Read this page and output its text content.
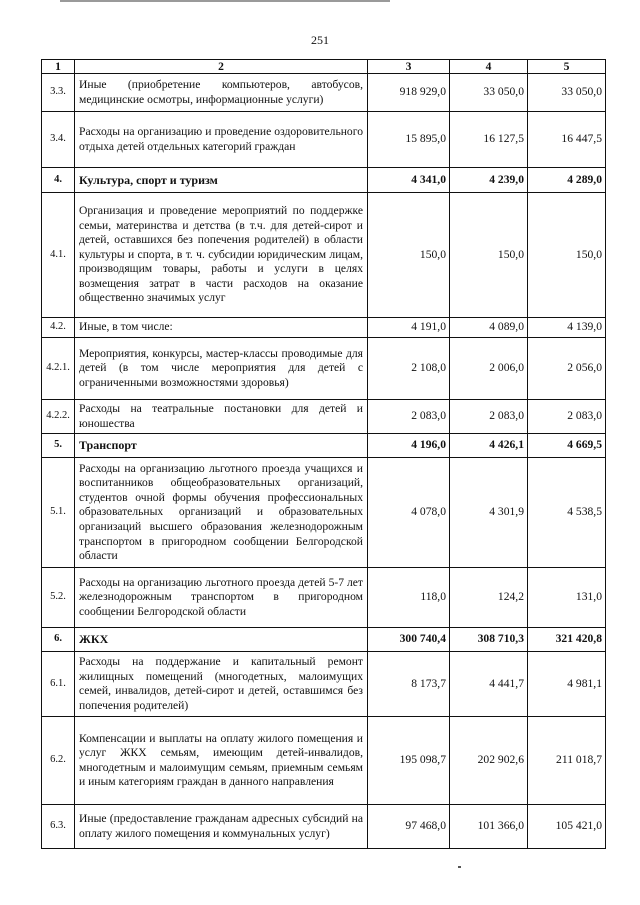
251
1	2	3	4	5
3.3.	Иные (приобретение компьютеров, автобусов, медицинские осмотры, информационные услуги)	918 929,0	33 050,0	33 050,0
3.4.	Расходы на организацию и проведение оздоровительного отдыха детей отдельных категорий граждан	15 895,0	16 127,5	16 447,5
4.	Культура, спорт и туризм	4 341,0	4 239,0	4 289,0
4.1.	Организация и проведение мероприятий по поддержке семьи, материнства и детства (в т.ч. для детей-сирот и детей, оставшихся без попечения родителей) в области культуры и спорта, в т. ч. субсидии юридическим лицам, производящим товары, работы и услуги в целях возмещения затрат в части расходов на оказание общественно значимых услуг	150,0	150,0	150,0
4.2.	Иные, в том числе:	4 191,0	4 089,0	4 139,0
4.2.1.	Мероприятия, конкурсы, мастер-классы проводимые для детей (в том числе мероприятия для детей с ограниченными возможностями здоровья)	2 108,0	2 006,0	2 056,0
4.2.2.	Расходы на театральные постановки для детей и юношества	2 083,0	2 083,0	2 083,0
5.	Транспорт	4 196,0	4 426,1	4 669,5
5.1.	Расходы на организацию льготного проезда учащихся и воспитанников общеобразовательных организаций, студентов очной формы обучения профессиональных образовательных организаций и образовательных организаций высшего образования железнодорожным транспортом в пригородном сообщении Белгородской области	4 078,0	4 301,9	4 538,5
5.2.	Расходы на организацию льготного проезда детей 5-7 лет железнодорожным транспортом в пригородном сообщении Белгородской области	118,0	124,2	131,0
6.	ЖКХ	300 740,4	308 710,3	321 420,8
6.1.	Расходы на поддержание и капитальный ремонт жилищных помещений (многодетных, малоимущих семей, инвалидов, детей-сирот и детей, оставшимся без попечения родителей)	8 173,7	4 441,7	4 981,1
6.2.	Компенсации и выплаты на оплату жилого помещения и услуг ЖКХ семьям, имеющим детей-инвалидов, многодетным и малоимущим семьям, приемным семьям и иным категориям граждан в данного направления	195 098,7	202 902,6	211 018,7
6.3.	Иные (предоставление гражданам адресных субсидий на оплату жилого помещения и коммунальных услуг)	97 468,0	101 366,0	105 421,0
